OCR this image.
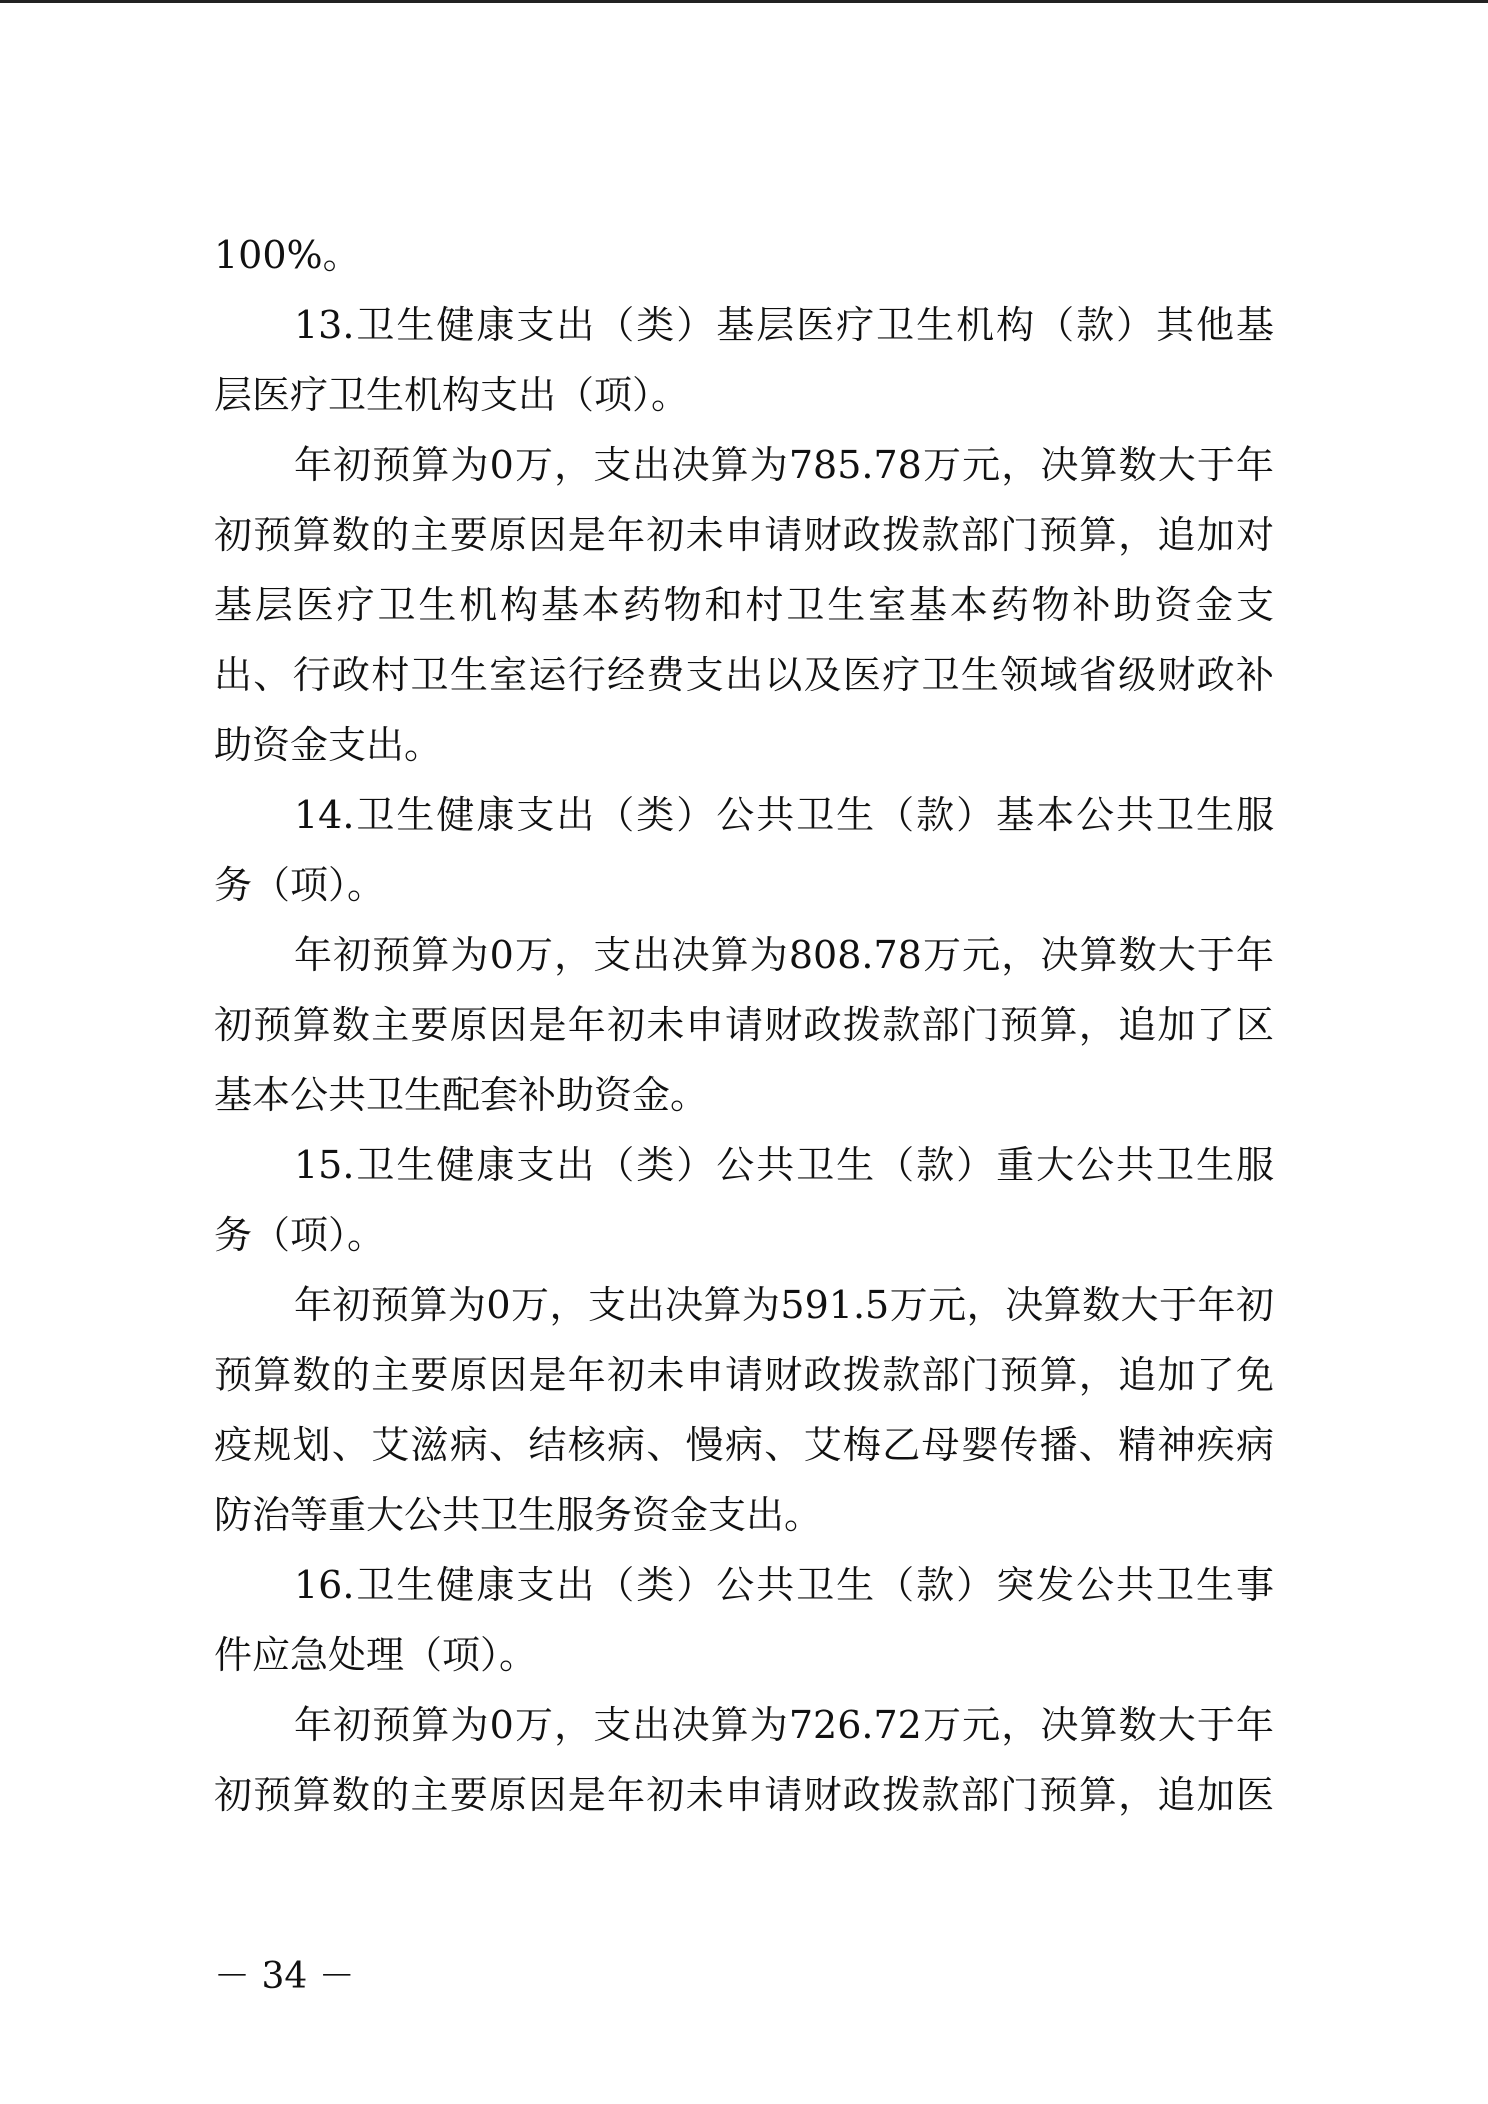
100%。
13.卫生健康支出（类）基层医疗卫生机构（款）其他基
层医疗卫生机构支出（项）。
年初预算为0万，支出决算为785.78万元，决算数大于年
初预算数的主要原因是年初未申请财政拨款部门预算，追加对
基层医疗卫生机构基本药物和村卫生室基本药物补助资金支
出、行政村卫生室运行经费支出以及医疗卫生领域省级财政补
助资金支出。
14.卫生健康支出（类）公共卫生（款）基本公共卫生服
务（项）。
年初预算为0万，支出决算为808.78万元，决算数大于年
初预算数主要原因是年初未申请财政拨款部门预算，追加了区
基本公共卫生配套补助资金。
15.卫生健康支出（类）公共卫生（款）重大公共卫生服
务（项）。
年初预算为0万，支出决算为591.5万元，决算数大于年初
预算数的主要原因是年初未申请财政拨款部门预算，追加了免
疫规划、艾滋病、结核病、慢病、艾梅乙母婴传播、精神疾病
防治等重大公共卫生服务资金支出。
16.卫生健康支出（类）公共卫生（款）突发公共卫生事
件应急处理（项）。
年初预算为0万，支出决算为726.72万元，决算数大于年
初预算数的主要原因是年初未申请财政拨款部门预算，追加医
－ 34 －
